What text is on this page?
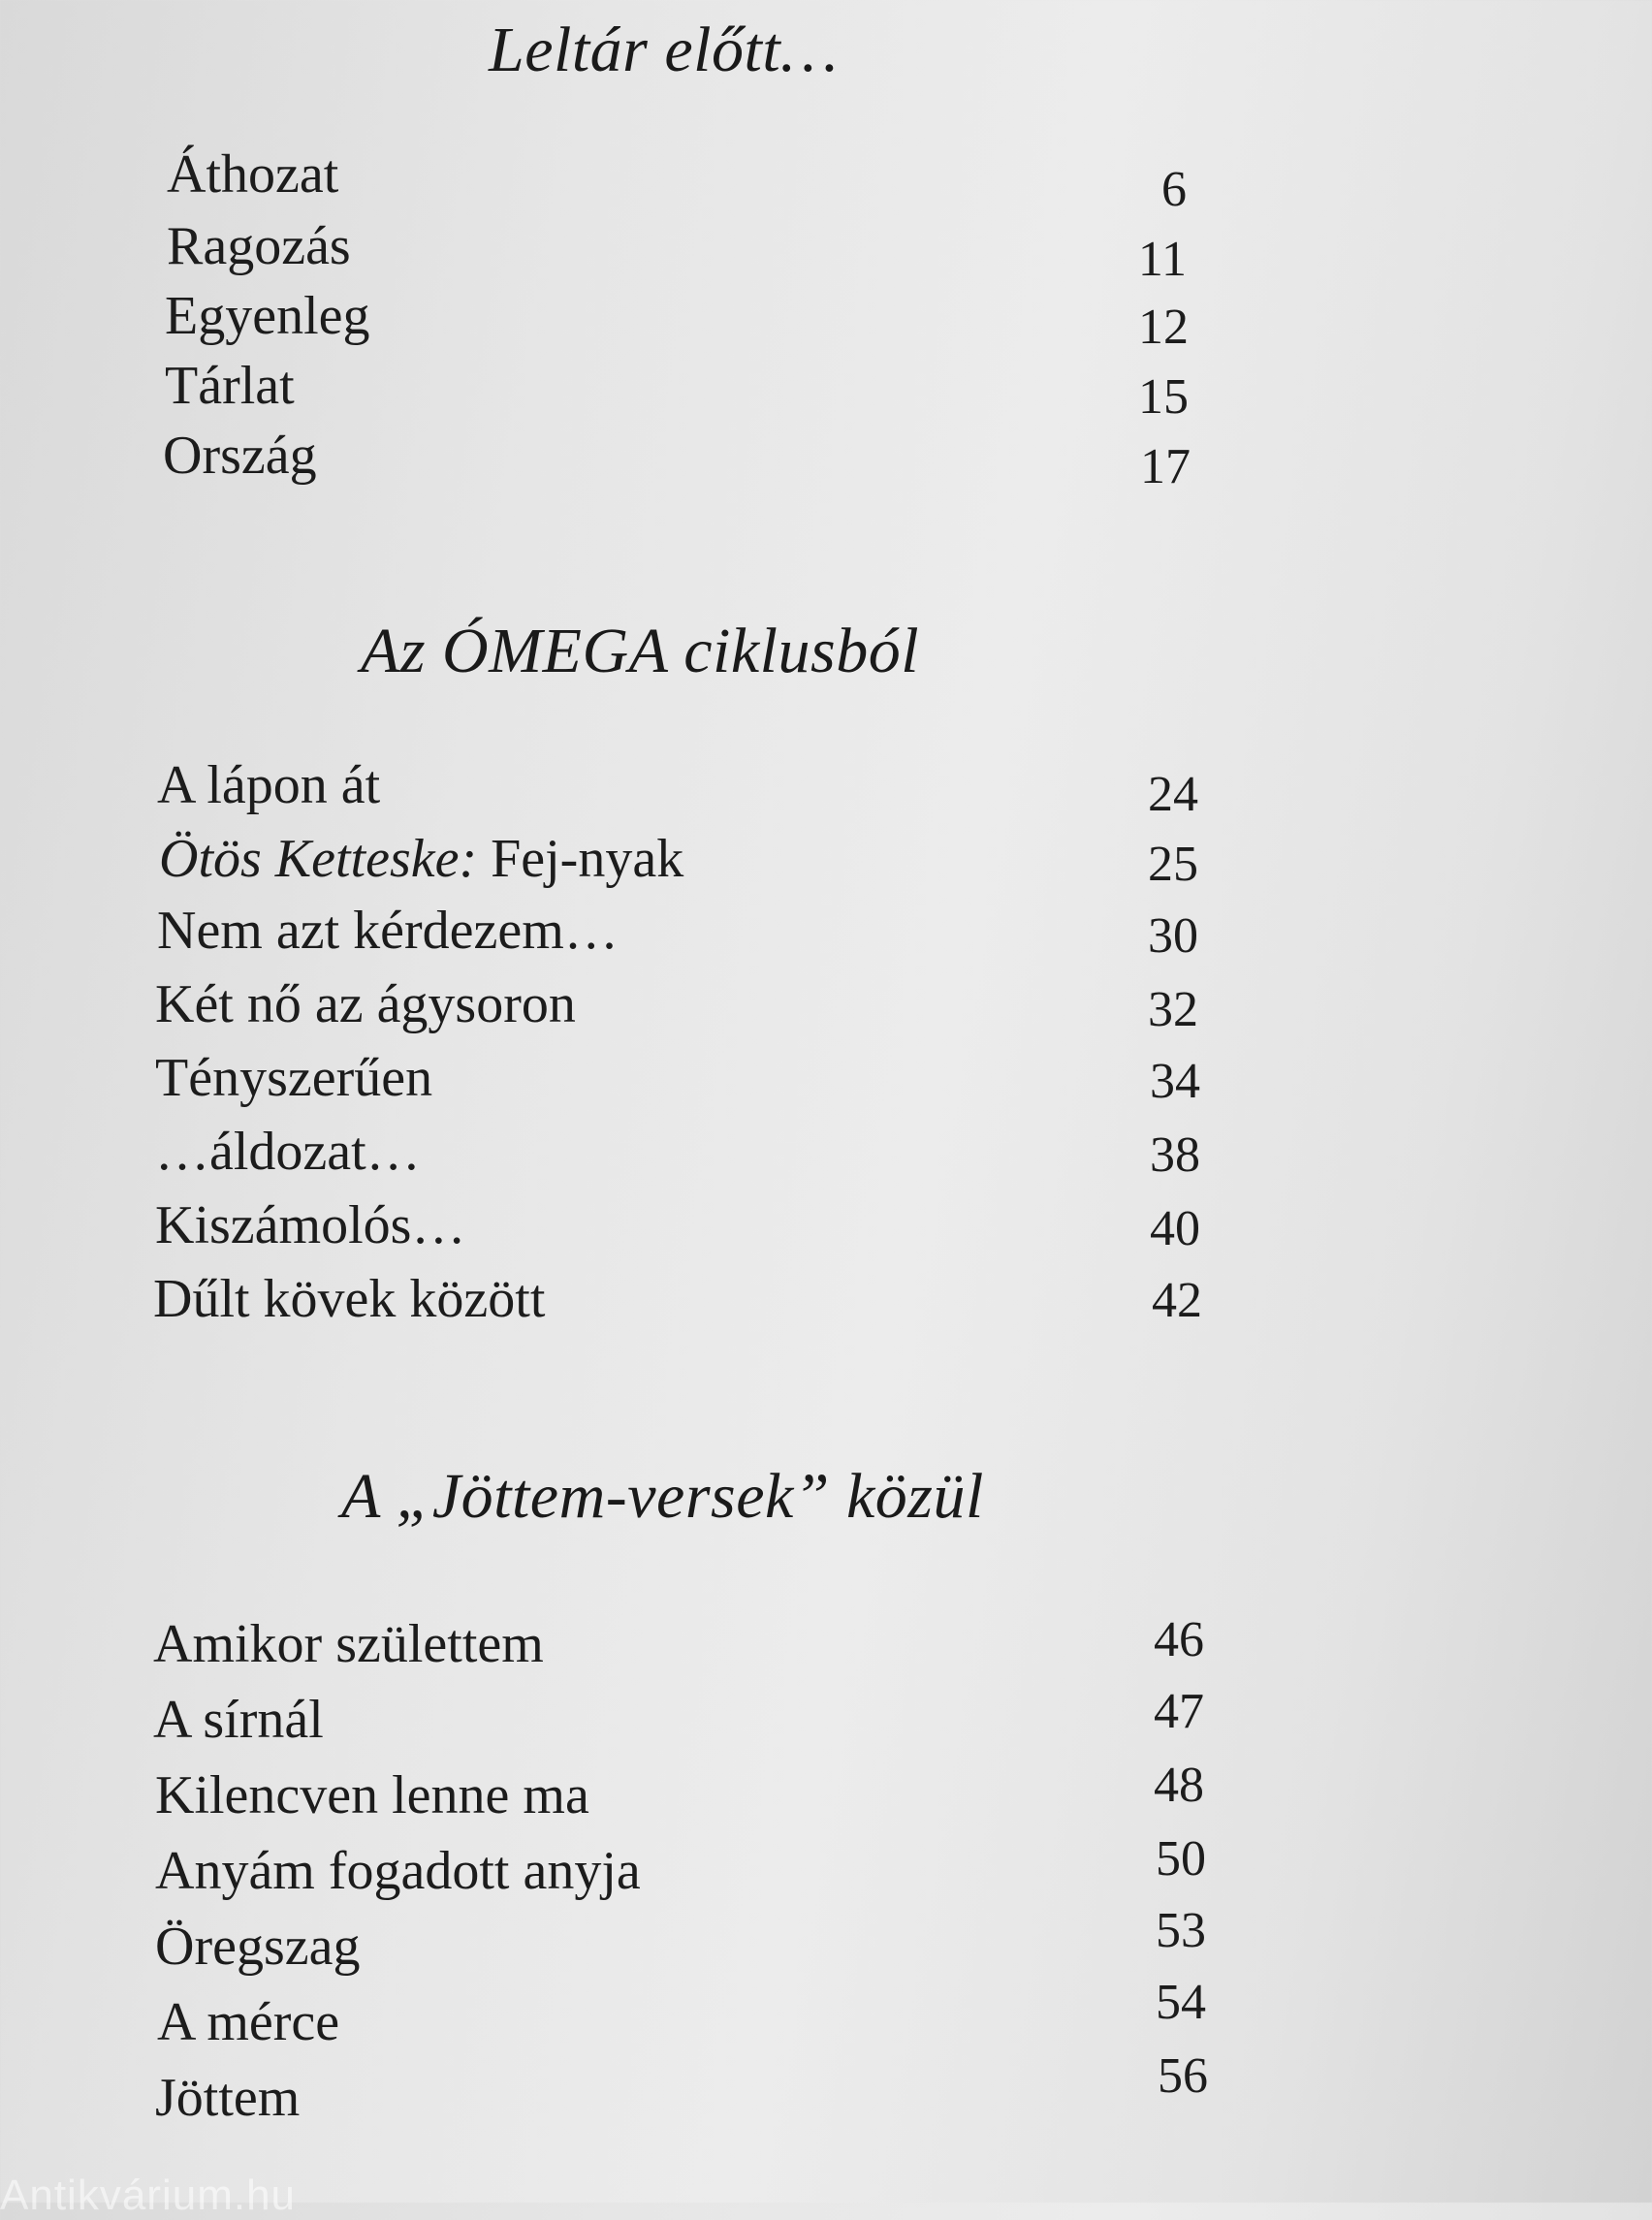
Leltár előtt…
Áthozat	6
Ragozás	11
Egyenleg	12
Tárlat	15
Ország	17
Az ÓMEGA ciklusból
A lápon át	24
Ötös Ketteske: Fej-nyak	25
Nem azt kérdezem…	30
Két nő az ágysoron	32
Tényszerűen	34
…áldozat…	38
Kiszámolós…	40
Dűlt kövek között	42
A „Jöttem-versek” közül
Amikor születtem	46
A sírnál	47
Kilencven lenne ma	48
Anyám fogadott anyja	50
Öregszag	53
A mérce	54
Jöttem	56
Antikvárium.hu
